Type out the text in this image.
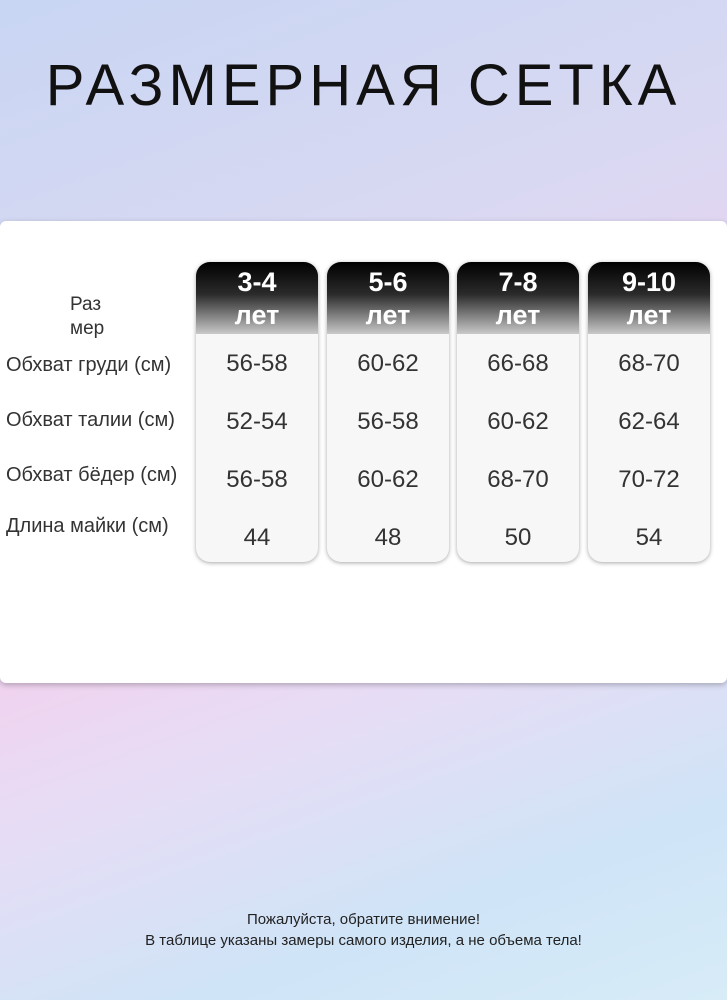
РАЗМЕРНАЯ СЕТКА
Раз
мер
Обхват груди (см)
Обхват талии (см)
Обхват бёдер (см)
Длина майки (см)
3-4
лет
56-58
52-54
56-58
44
5-6
лет
60-62
56-58
60-62
48
7-8
лет
66-68
60-62
68-70
50
9-10
лет
68-70
62-64
70-72
54
Пожалуйста, обратите внимение!
В таблице указаны замеры самого изделия, а не объема тела!
